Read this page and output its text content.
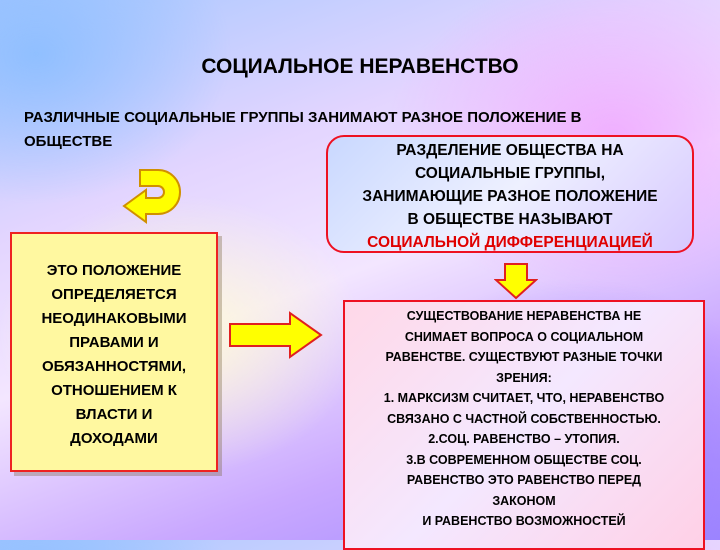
СОЦИАЛЬНОЕ НЕРАВЕНСТВО
РАЗЛИЧНЫЕ СОЦИАЛЬНЫЕ ГРУППЫ ЗАНИМАЮТ РАЗНОЕ ПОЛОЖЕНИЕ В ОБЩЕСТВЕ

РАЗДЕЛЕНИЕ ОБЩЕСТВА НА

СОЦИАЛЬНЫЕ ГРУППЫ,

ЗАНИМАЮЩИЕ РАЗНОЕ ПОЛОЖЕНИЕ

В ОБЩЕСТВЕ НАЗЫВАЮТ

СОЦИАЛЬНОЙ ДИФФЕРЕНЦИАЦИЕЙ

ЭТО ПОЛОЖЕНИЕ

ОПРЕДЕЛЯЕТСЯ

НЕОДИНАКОВЫМИ

ПРАВАМИ И

ОБЯЗАННОСТЯМИ,

ОТНОШЕНИЕМ К

ВЛАСТИ И

ДОХОДАМИ

СУЩЕСТВОВАНИЕ НЕРАВЕНСТВА НЕ

СНИМАЕТ ВОПРОСА О СОЦИАЛЬНОМ

РАВЕНСТВЕ. СУЩЕСТВУЮТ РАЗНЫЕ ТОЧКИ

ЗРЕНИЯ:

1. МАРКСИЗМ СЧИТАЕТ, ЧТО, НЕРАВЕНСТВО

СВЯЗАНО С ЧАСТНОЙ СОБСТВЕННОСТЬЮ.

2.СОЦ. РАВЕНСТВО – УТОПИЯ.

3.В СОВРЕМЕННОМ ОБЩЕСТВЕ СОЦ.

РАВЕНСТВО ЭТО РАВЕНСТВО ПЕРЕД

ЗАКОНОМ

И РАВЕНСТВО ВОЗМОЖНОСТЕЙ
